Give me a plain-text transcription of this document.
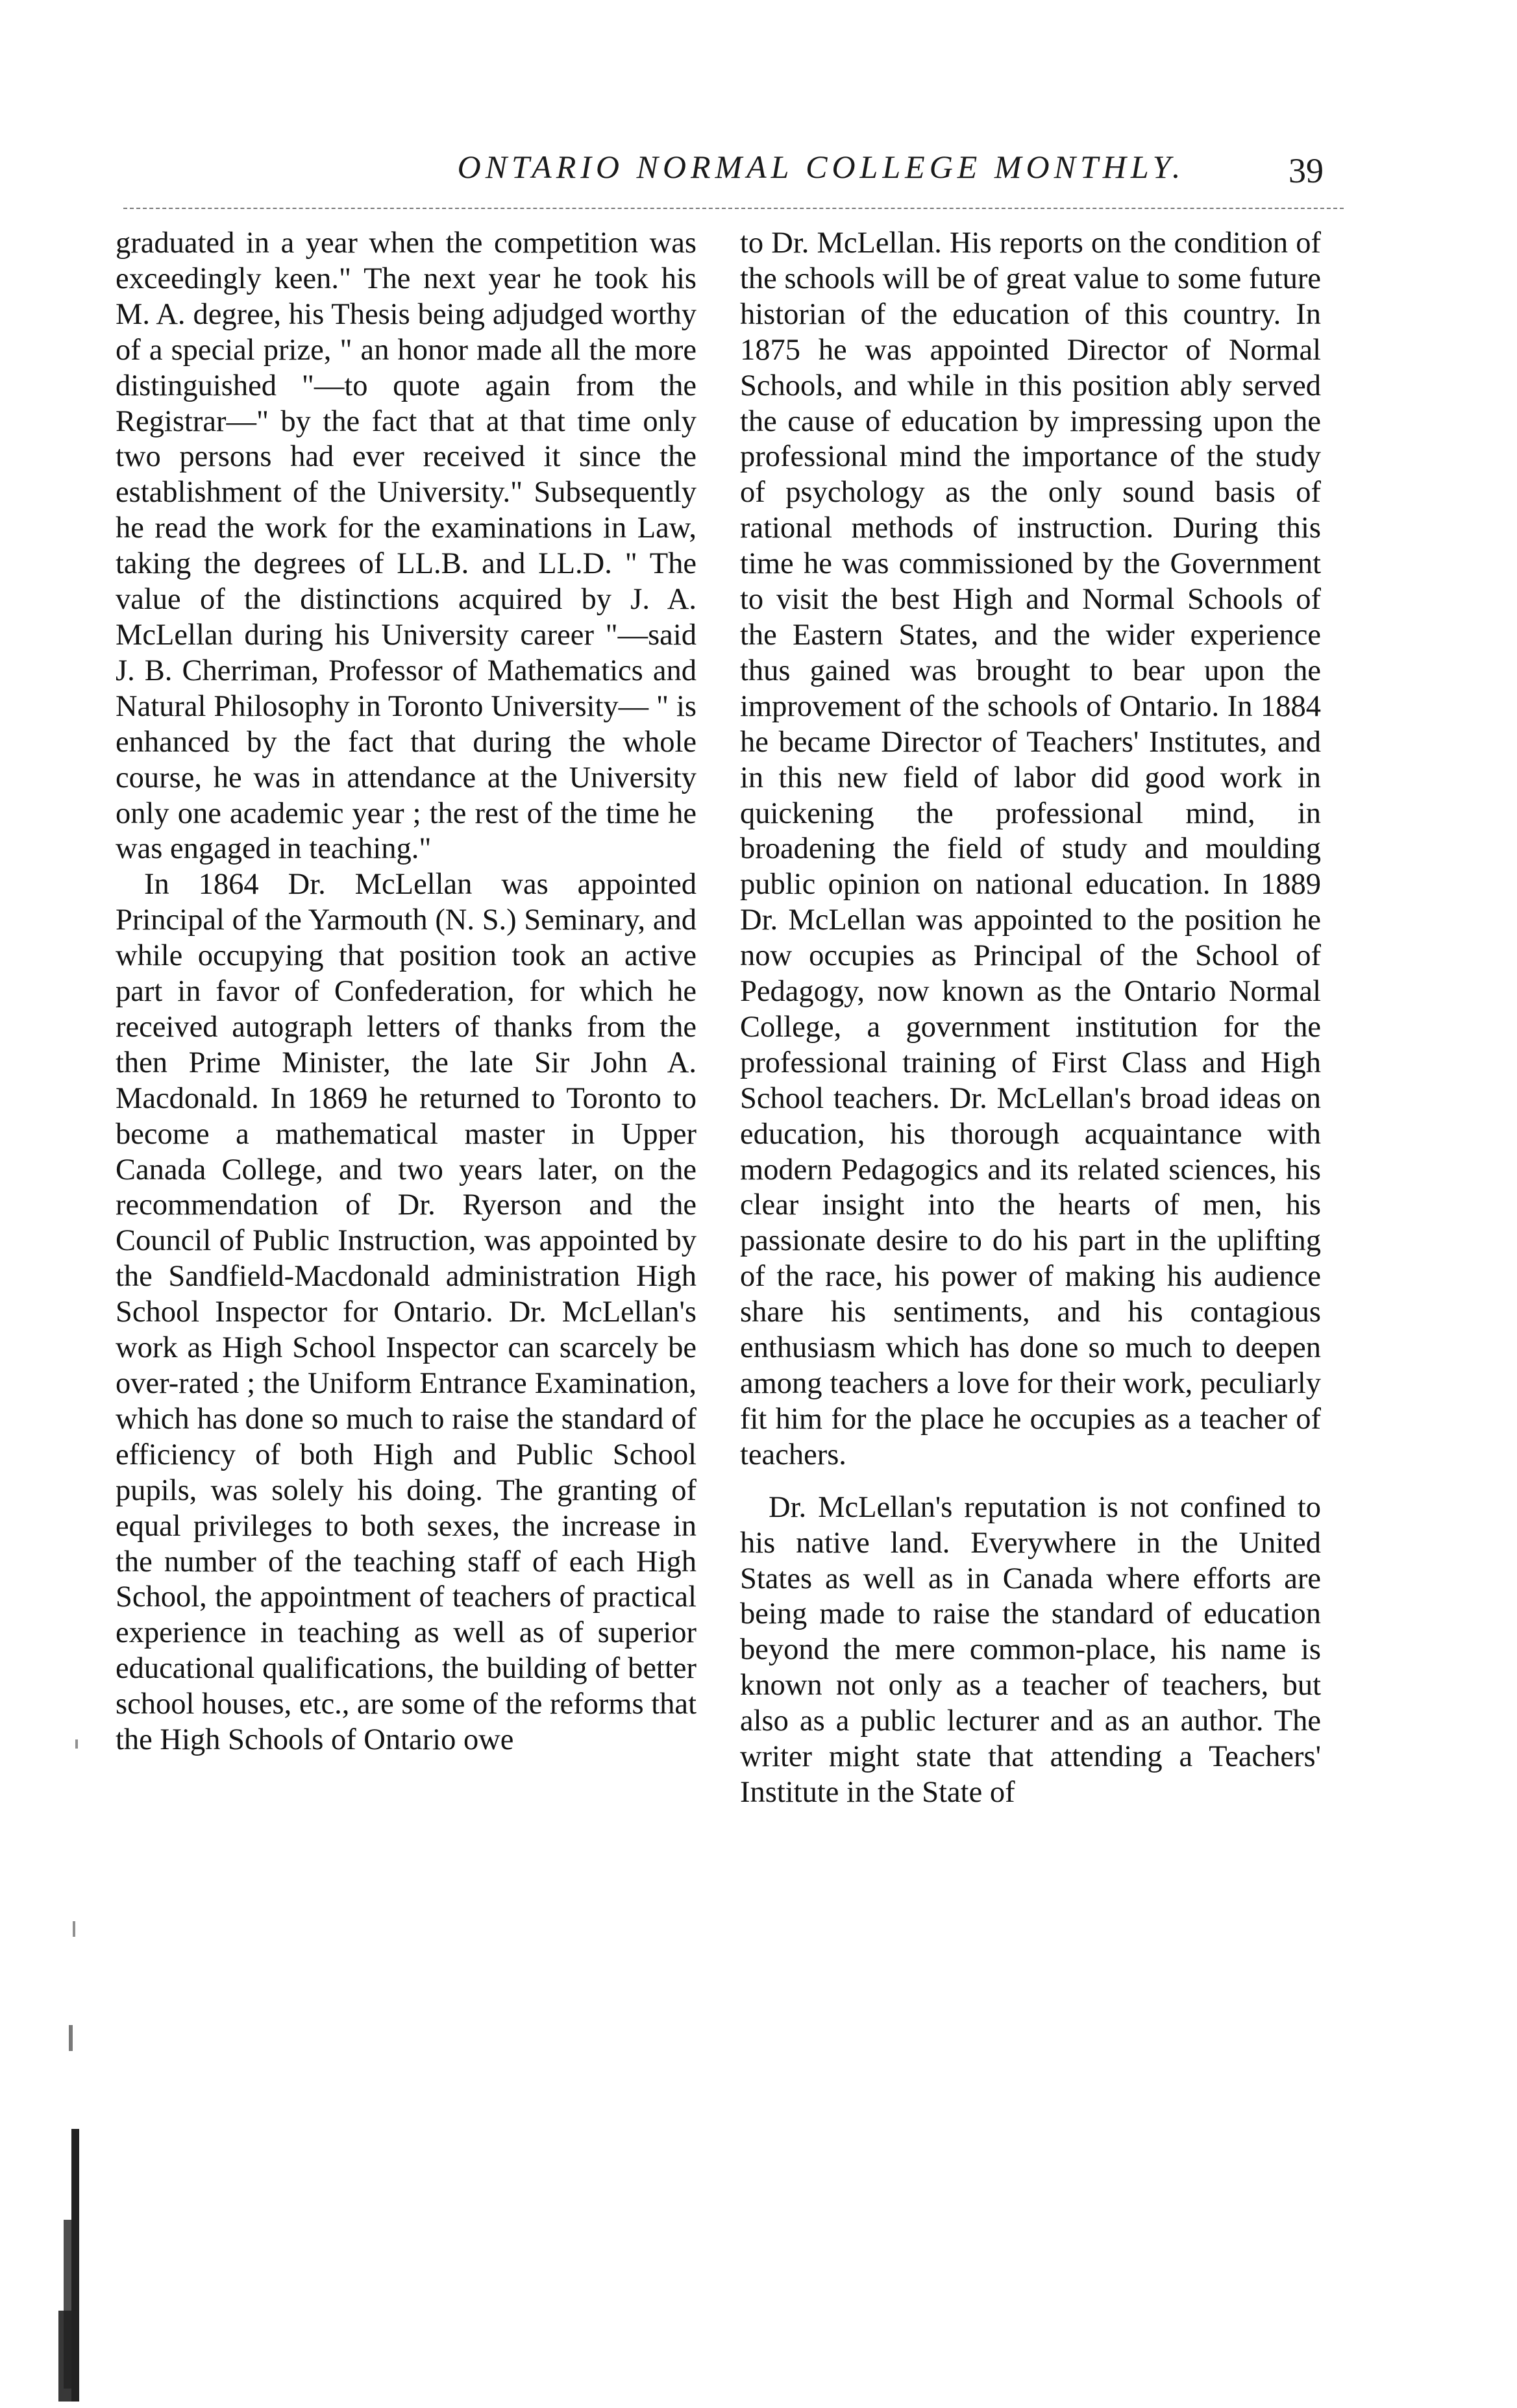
ONTARIO NORMAL COLLEGE MONTHLY.	39

graduated in a year when the competition was exceedingly keen." The next year he took his M. A. degree, his Thesis being adjudged worthy of a special prize, " an honor made all the more distinguished "—to quote again from the Registrar—" by the fact that at that time only two persons had ever received it since the establishment of the University." Subsequently he read the work for the examinations in Law, taking the degrees of LL.B. and LL.D. " The value of the distinctions acquired by J. A. McLellan during his University career "—said J. B. Cherriman, Professor of Mathematics and Natural Philosophy in Toronto University— " is enhanced by the fact that during the whole course, he was in attendance at the University only one academic year ; the rest of the time he was engaged in teaching."

In 1864 Dr. McLellan was appointed Principal of the Yarmouth (N. S.) Seminary, and while occupying that position took an active part in favor of Confederation, for which he received autograph letters of thanks from the then Prime Minister, the late Sir John A. Macdonald. In 1869 he returned to Toronto to become a mathematical master in Upper Canada College, and two years later, on the recommendation of Dr. Ryerson and the Council of Public Instruction, was appointed by the Sandfield-Macdonald administration High School Inspector for Ontario. Dr. McLellan's work as High School Inspector can scarcely be over-rated ; the Uniform Entrance Examination, which has done so much to raise the standard of efficiency of both High and Public School pupils, was solely his doing. The granting of equal privileges to both sexes, the increase in the number of the teaching staff of each High School, the appointment of teachers of practical experience in teaching as well as of superior educational qualifications, the building of better school houses, etc., are some of the reforms that the High Schools of Ontario owe

to Dr. McLellan. His reports on the condition of the schools will be of great value to some future historian of the education of this country. In 1875 he was appointed Director of Normal Schools, and while in this position ably served the cause of education by impressing upon the professional mind the importance of the study of psychology as the only sound basis of rational methods of instruction. During this time he was commissioned by the Government to visit the best High and Normal Schools of the Eastern States, and the wider experience thus gained was brought to bear upon the improvement of the schools of Ontario. In 1884 he became Director of Teachers' Institutes, and in this new field of labor did good work in quickening the professional mind, in broadening the field of study and moulding public opinion on national education. In 1889 Dr. McLellan was appointed to the position he now occupies as Principal of the School of Pedagogy, now known as the Ontario Normal College, a government institution for the professional training of First Class and High School teachers. Dr. McLellan's broad ideas on education, his thorough acquaintance with modern Pedagogics and its related sciences, his clear insight into the hearts of men, his passionate desire to do his part in the uplifting of the race, his power of making his audience share his sentiments, and his contagious enthusiasm which has done so much to deepen among teachers a love for their work, peculiarly fit him for the place he occupies as a teacher of teachers.

Dr. McLellan's reputation is not confined to his native land. Everywhere in the United States as well as in Canada where efforts are being made to raise the standard of education beyond the mere common-place, his name is known not only as a teacher of teachers, but also as a public lecturer and as an author. The writer might state that attending a Teachers' Institute in the State of
